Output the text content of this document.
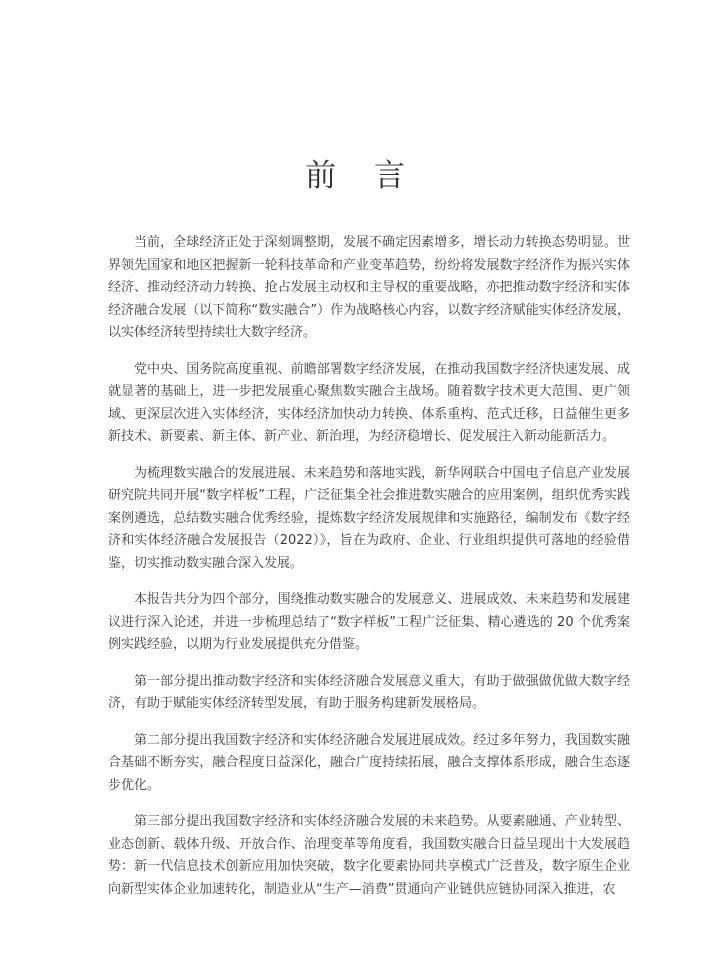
前 言

当前，全球经济正处于深刻调整期，发展不确定因素增多，增长动力转换态势明显。世界领先国家和地区把握新一轮科技革命和产业变革趋势，纷纷将发展数字经济作为振兴实体经济、推动经济动力转换、抢占发展主动权和主导权的重要战略，亦把推动数字经济和实体经济融合发展（以下简称“数实融合”）作为战略核心内容，以数字经济赋能实体经济发展，以实体经济转型持续壮大数字经济。

党中央、国务院高度重视、前瞻部署数字经济发展，在推动我国数字经济快速发展、成就显著的基础上，进一步把发展重心聚焦数实融合主战场。随着数字技术更大范围、更广领域、更深层次进入实体经济，实体经济加快动力转换、体系重构、范式迁移，日益催生更多新技术、新要素、新主体、新产业、新治理，为经济稳增长、促发展注入新动能新活力。

为梳理数实融合的发展进展、未来趋势和落地实践，新华网联合中国电子信息产业发展研究院共同开展“数字样板”工程，广泛征集全社会推进数实融合的应用案例，组织优秀实践案例遴选，总结数实融合优秀经验，提炼数字经济发展规律和实施路径，编制发布《数字经济和实体经济融合发展报告（2022）》，旨在为政府、企业、行业组织提供可落地的经验借鉴，切实推动数实融合深入发展。

本报告共分为四个部分，围绕推动数实融合的发展意义、进展成效、未来趋势和发展建议进行深入论述，并进一步梳理总结了“数字样板”工程广泛征集、精心遴选的 20 个优秀案例实践经验，以期为行业发展提供充分借鉴。

第一部分提出推动数字经济和实体经济融合发展意义重大，有助于做强做优做大数字经济，有助于赋能实体经济转型发展，有助于服务构建新发展格局。

第二部分提出我国数字经济和实体经济融合发展进展成效。经过多年努力，我国数实融合基础不断夯实，融合程度日益深化，融合广度持续拓展，融合支撑体系形成，融合生态逐步优化。

第三部分提出我国数字经济和实体经济融合发展的未来趋势。从要素融通、产业转型、业态创新、载体升级、开放合作、治理变革等角度看，我国数实融合日益呈现出十大发展趋势：新一代信息技术创新应用加快突破，数字化要素协同共享模式广泛普及，数字原生企业向新型实体企业加速转化，制造业从“生产—消费”贯通向产业链供应链协同深入推进，农
